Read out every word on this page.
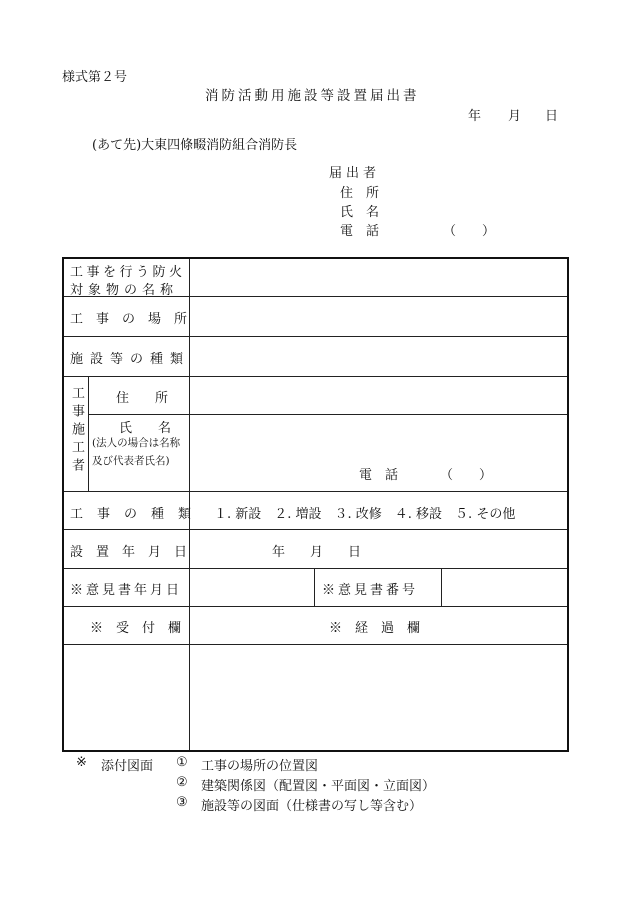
様式第２号
消防活動用施設等設置届出書
年 月 日
(あて先)大東四條畷消防組合消防長
届出者
住　所
氏　名
電　話	（　　）
工事を行う防火
対象物の名称
工事の場所
施設等の種類
工事施工者 住　　所
氏　　名
(法人の場合は名称
及び代表者氏名)
電　話	（　　）
工事の種類 １. 新設　２. 増設　３. 改修　４. 移設　５. その他
設置年月日	年 月 日
※意見書年月日	※意見書番号
※　受　付　欄	※　経　過　欄
※ 添付図面 ① 工事の場所の位置図
② 建築関係図（配置図・平面図・立面図）
③ 施設等の図面（仕様書の写し等含む）
